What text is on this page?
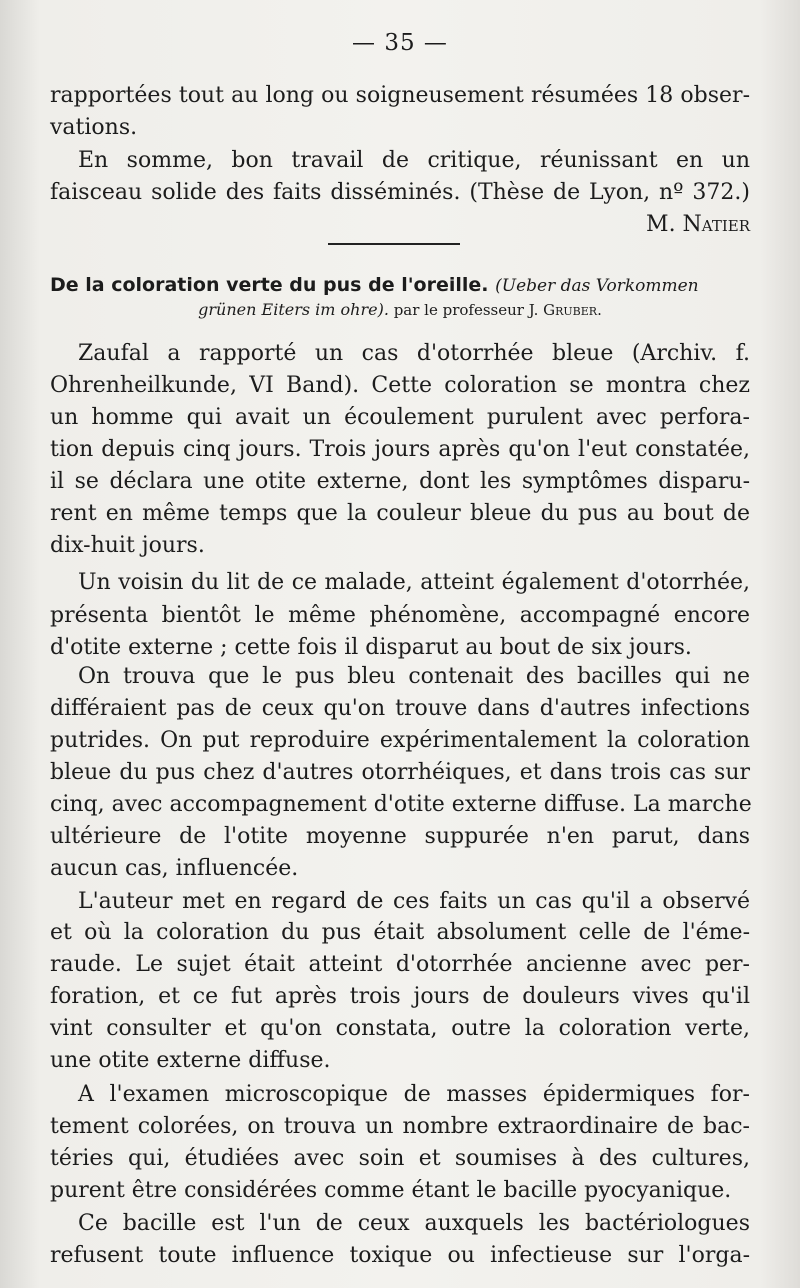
— 35 —
rapportées tout au long ou soigneusement résumées 18 obser-
vations.
En somme, bon travail de critique, réunissant en un
faisceau solide des faits disséminés. (Thèse de Lyon, nº 372.)
M. Natier
De la coloration verte du pus de l'oreille. (Ueber das Vorkommen
grünen Eiters im ohre). par le professeur J. Gruber.
Zaufal a rapporté un cas d'otorrhée bleue (Archiv. f.
Ohrenheilkunde, VI Band). Cette coloration se montra chez
un homme qui avait un écoulement purulent avec perfora-
tion depuis cinq jours. Trois jours après qu'on l'eut constatée,
il se déclara une otite externe, dont les symptômes disparu-
rent en même temps que la couleur bleue du pus au bout de
dix-huit jours.
Un voisin du lit de ce malade, atteint également d'otorrhée,
présenta bientôt le même phénomène, accompagné encore
d'otite externe ; cette fois il disparut au bout de six jours.
On trouva que le pus bleu contenait des bacilles qui ne
différaient pas de ceux qu'on trouve dans d'autres infections
putrides. On put reproduire expérimentalement la coloration
bleue du pus chez d'autres otorrhéiques, et dans trois cas sur
cinq, avec accompagnement d'otite externe diffuse. La marche
ultérieure de l'otite moyenne suppurée n'en parut, dans
aucun cas, influencée.
L'auteur met en regard de ces faits un cas qu'il a observé
et où la coloration du pus était absolument celle de l'éme-
raude. Le sujet était atteint d'otorrhée ancienne avec per-
foration, et ce fut après trois jours de douleurs vives qu'il
vint consulter et qu'on constata, outre la coloration verte,
une otite externe diffuse.
A l'examen microscopique de masses épidermiques for-
tement colorées, on trouva un nombre extraordinaire de bac-
téries qui, étudiées avec soin et soumises à des cultures,
purent être considérées comme étant le bacille pyocyanique.
Ce bacille est l'un de ceux auxquels les bactériologues
refusent toute influence toxique ou infectieuse sur l'orga-
